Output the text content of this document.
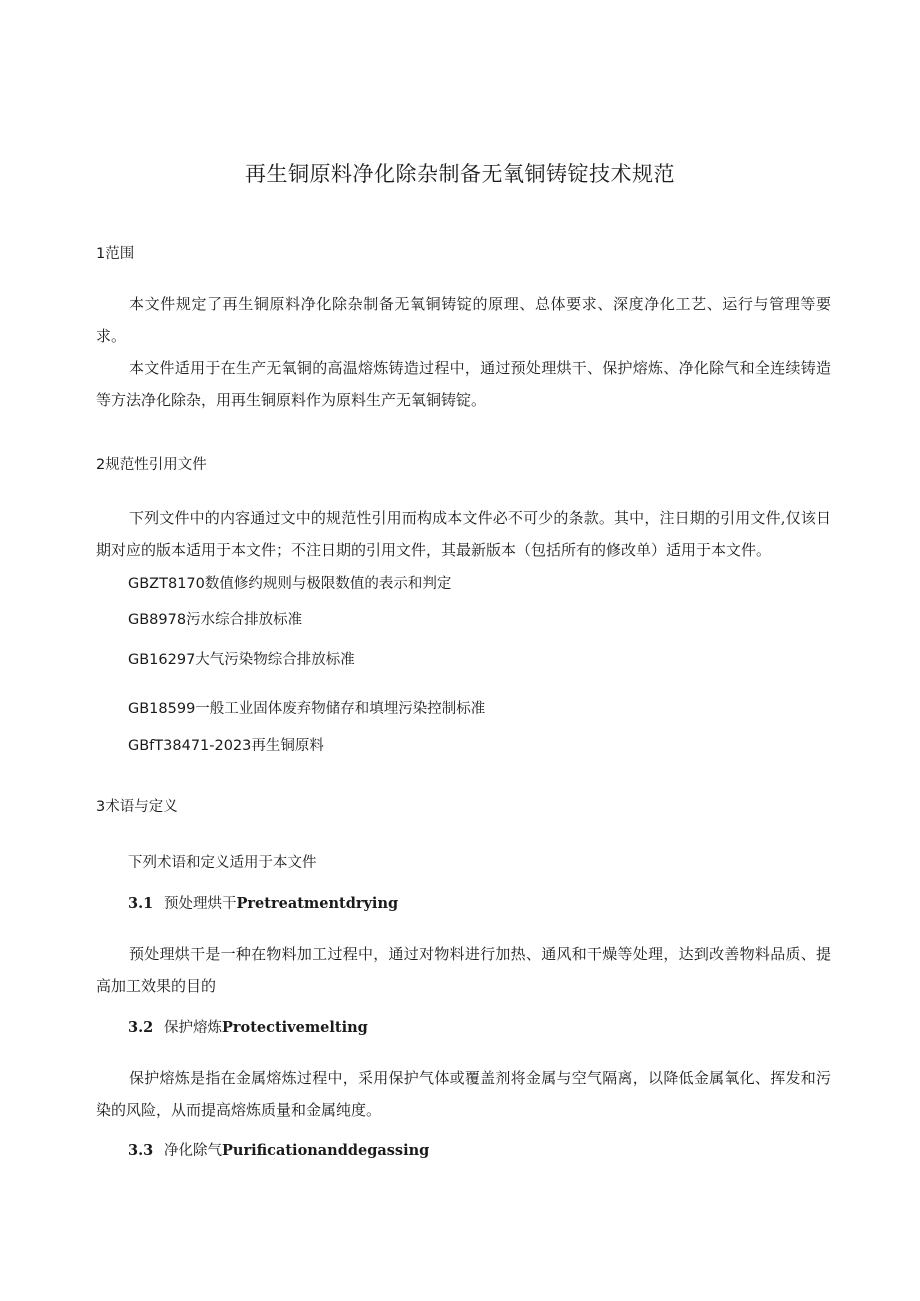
再生铜原料净化除杂制备无氧铜铸锭技术规范
1范围

本文件规定了再生铜原料净化除杂制备无氧铜铸锭的原理、总体要求、深度净化工艺、运行与管理等要求。

本文件适用于在生产无氧铜的高温熔炼铸造过程中，通过预处理烘干、保护熔炼、净化除气和全连续铸造等方法净化除杂，用再生铜原料作为原料生产无氧铜铸锭。

2规范性引用文件

下列文件中的内容通过文中的规范性引用而构成本文件必不可少的条款。其中，注日期的引用文件,仅该日期对应的版本适用于本文件；不注日期的引用文件，其最新版本（包括所有的修改单）适用于本文件。

GBZT8170数值修约规则与极限数值的表示和判定
GB8978污水综合排放标准
GB16297大气污染物综合排放标准
GB18599一般工业固体废弃物储存和填埋污染控制标准
GBfT38471-2023再生铜原料
3术语与定义
下列术语和定义适用于本文件
3.1 预处理烘干Pretreatmentdrying

预处理烘干是一种在物料加工过程中，通过对物料进行加热、通风和干燥等处理，达到改善物料品质、提高加工效果的目的

3.2 保护熔炼Protectivemelting

保护熔炼是指在金属熔炼过程中，采用保护气体或覆盖剂将金属与空气隔离，以降低金属氧化、挥发和污染的风险，从而提高熔炼质量和金属纯度。

3.3 净化除气Purificationanddegassing
